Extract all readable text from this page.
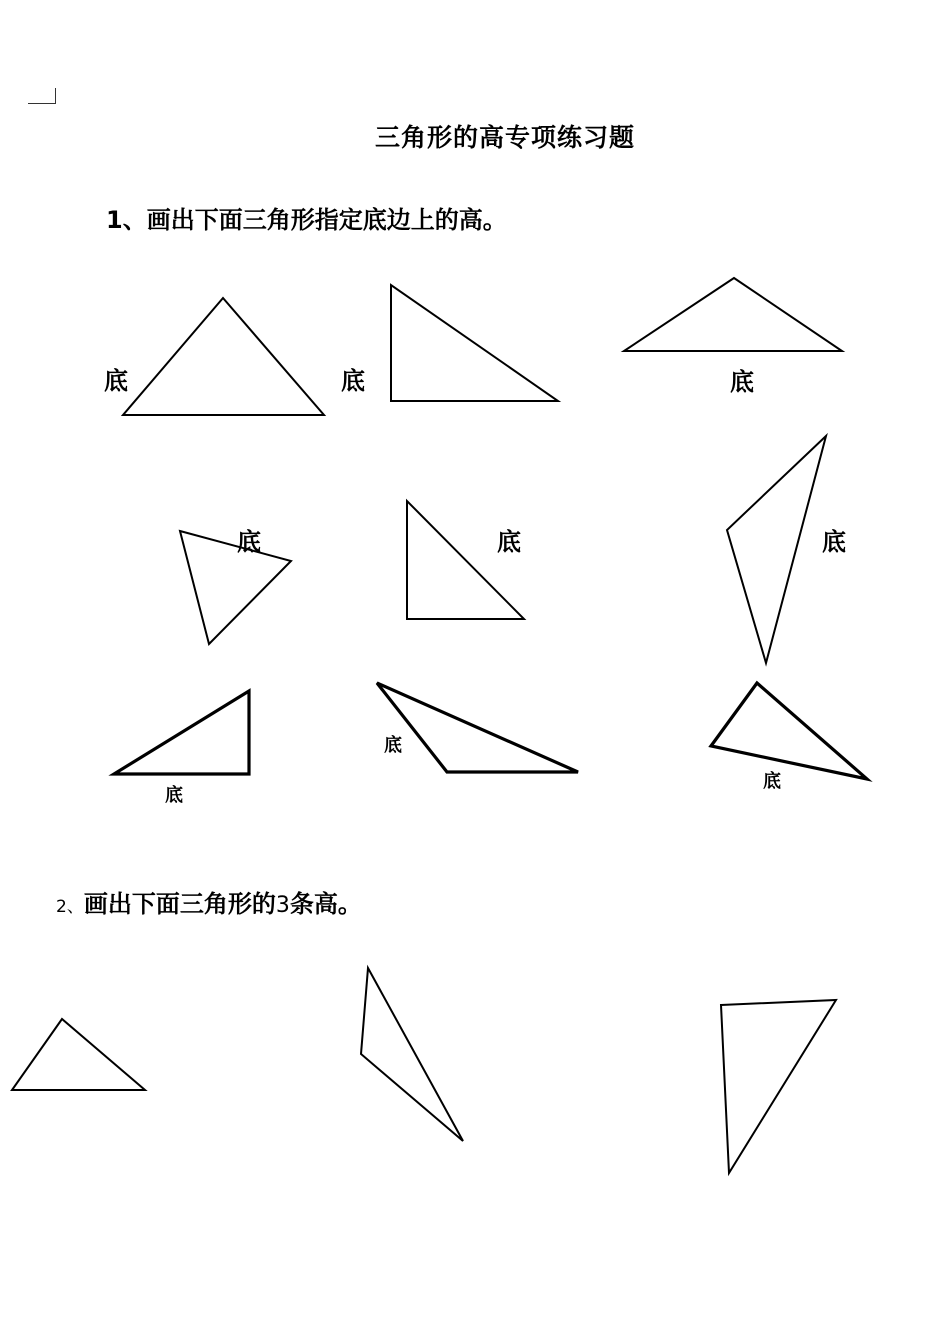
三角形的高专项练习题
1、画出下面三角形指定底边上的高。
2、画出下面三角形的3条高。
底	底	底
底	底	底
底
底
底
